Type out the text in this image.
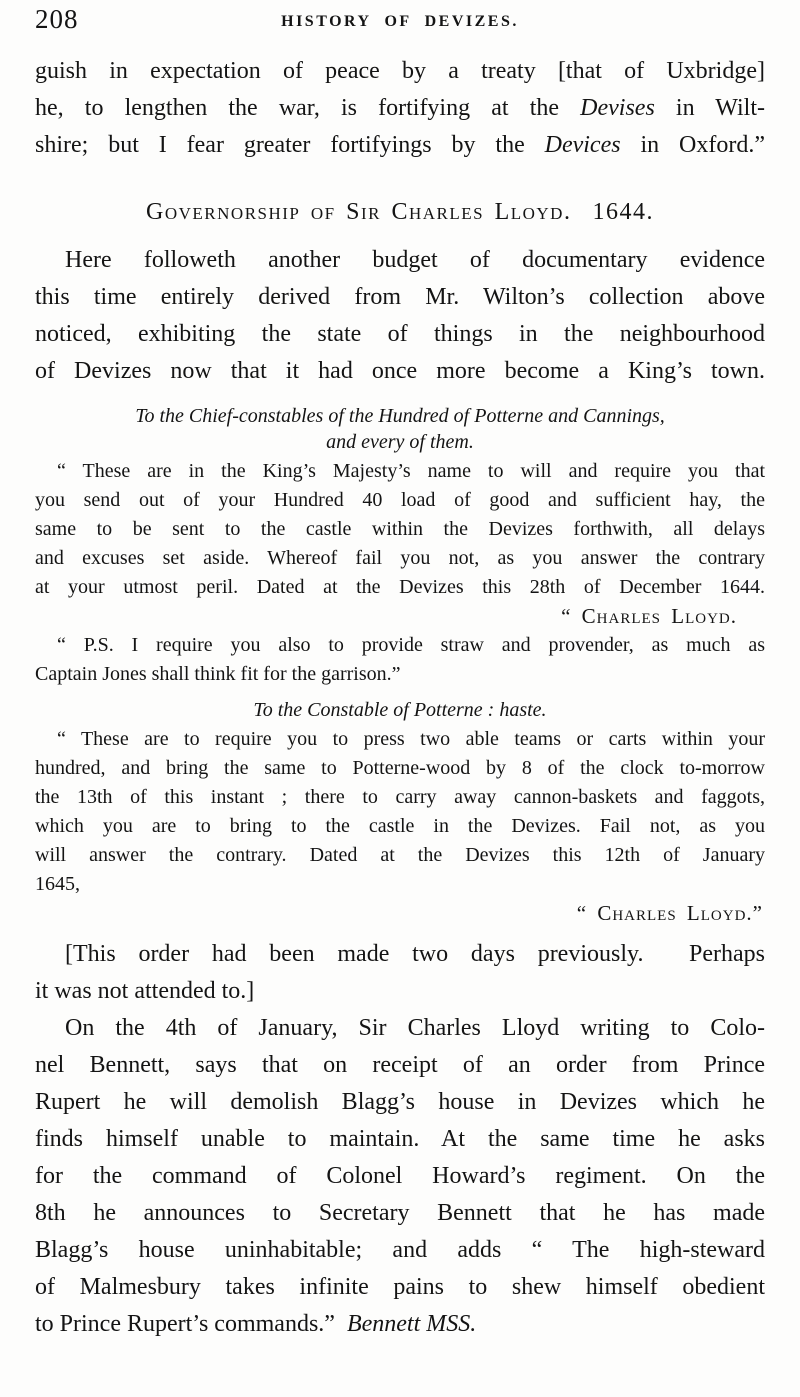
208	HISTORY OF DEVIZES.
guish in expectation of peace by a treaty [that of Uxbridge]
he, to lengthen the war, is fortifying at the Devises in Wilt-
shire; but I fear greater fortifyings by the Devices in Oxford.”
Governorship of Sir Charles Lloyd.  1644.
Here followeth another budget of documentary evidence
this time entirely derived from Mr. Wilton’s collection above
noticed, exhibiting the state of things in the neighbourhood
of Devizes now that it had once more become a King’s town.
To the Chief-constables of the Hundred of Potterne and Cannings,
and every of them.
“ These are in the King’s Majesty’s name to will and require you that
you send out of your Hundred 40 load of good and sufficient hay, the
same to be sent to the castle within the Devizes forthwith, all delays
and excuses set aside. Whereof fail you not, as you answer the contrary
at your utmost peril. Dated at the Devizes this 28th of December 1644.
“ Charles Lloyd.
“ P.S. I require you also to provide straw and provender, as much as
Captain Jones shall think fit for the garrison.”
To the Constable of Potterne : haste.
“ These are to require you to press two able teams or carts within your
hundred, and bring the same to Potterne-wood by 8 of the clock to-morrow
the 13th of this instant ; there to carry away cannon-baskets and faggots,
which you are to bring to the castle in the Devizes. Fail not, as you
will answer the contrary. Dated at the Devizes this 12th of January
1645,
“ Charles Lloyd.”
[This order had been made two days previously.  Perhaps
it was not attended to.]
On the 4th of January, Sir Charles Lloyd writing to Colo-
nel Bennett, says that on receipt of an order from Prince
Rupert he will demolish Blagg’s house in Devizes which he
finds himself unable to maintain. At the same time he asks
for the command of Colonel Howard’s regiment. On the
8th he announces to Secretary Bennett that he has made
Blagg’s house uninhabitable; and adds “ The high-steward
of Malmesbury takes infinite pains to shew himself obedient
to Prince Rupert’s commands.”  Bennett MSS.
